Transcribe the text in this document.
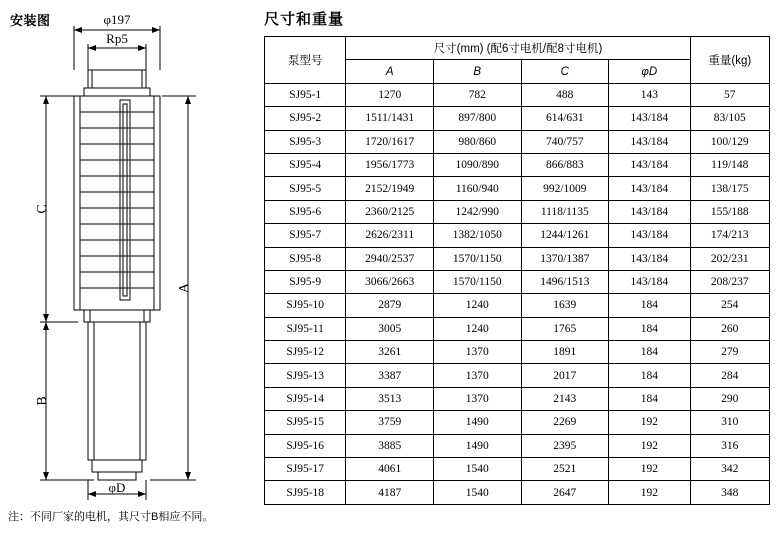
安装图	φ197
Rp5
C
B
A
φD
注：不同厂家的电机，其尺寸B相应不同。
尺寸和重量
泵型号	尺寸(mm) (配6寸电机/配8寸电机)				重量(kg)
	A	B	C	φD	
SJ95-1	1270	782	488	143	57
SJ95-2	1511/1431	897/800	614/631	143/184	83/105
SJ95-3	1720/1617	980/860	740/757	143/184	100/129
SJ95-4	1956/1773	1090/890	866/883	143/184	119/148
SJ95-5	2152/1949	1160/940	992/1009	143/184	138/175
SJ95-6	2360/2125	1242/990	1118/1135	143/184	155/188
SJ95-7	2626/2311	1382/1050	1244/1261	143/184	174/213
SJ95-8	2940/2537	1570/1150	1370/1387	143/184	202/231
SJ95-9	3066/2663	1570/1150	1496/1513	143/184	208/237
SJ95-10	2879	1240	1639	184	254
SJ95-11	3005	1240	1765	184	260
SJ95-12	3261	1370	1891	184	279
SJ95-13	3387	1370	2017	184	284
SJ95-14	3513	1370	2143	184	290
SJ95-15	3759	1490	2269	192	310
SJ95-16	3885	1490	2395	192	316
SJ95-17	4061	1540	2521	192	342
SJ95-18	4187	1540	2647	192	348
